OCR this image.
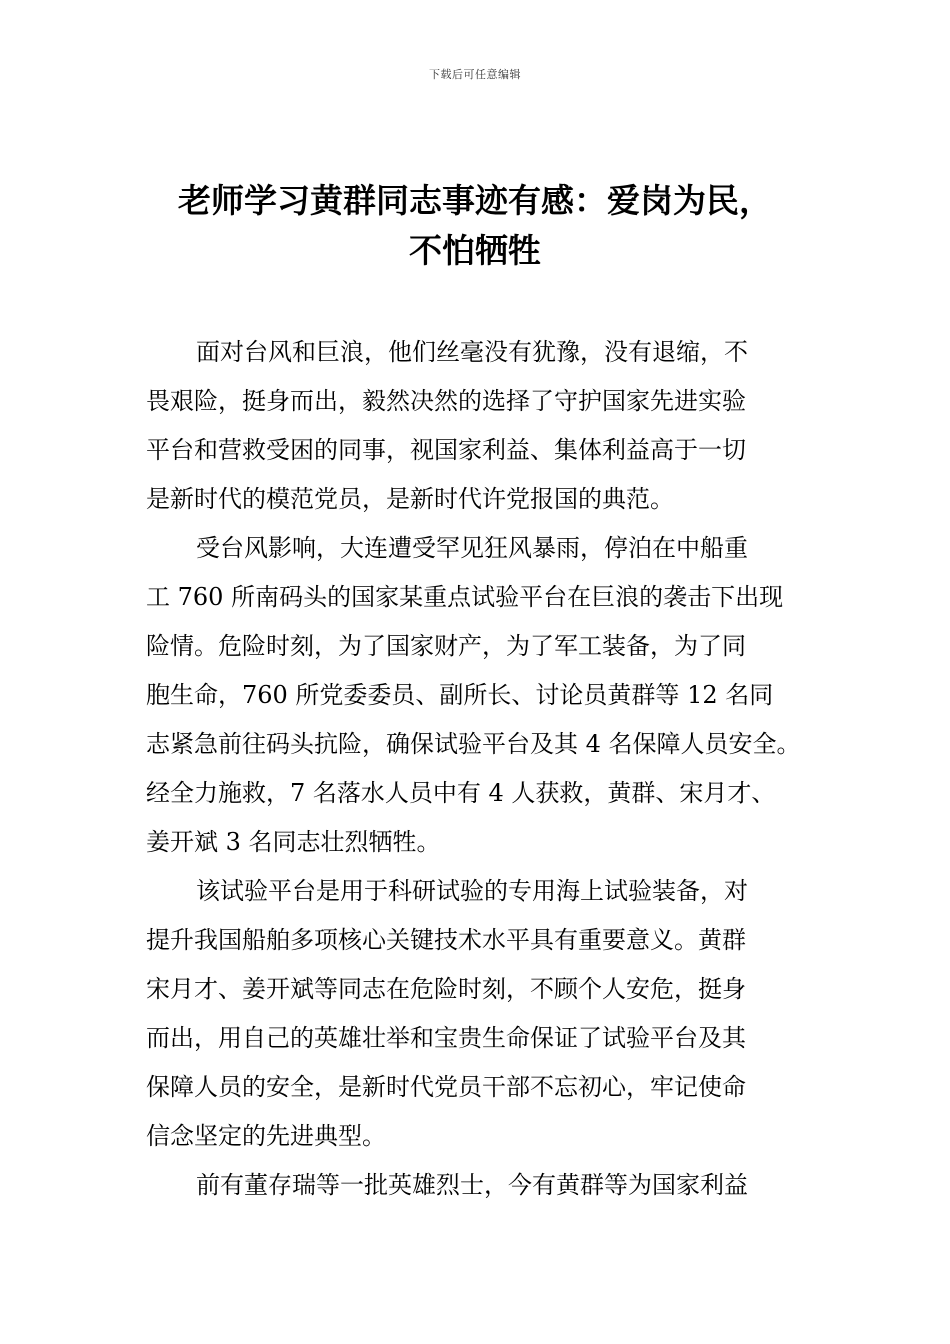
下载后可任意编辑
老师学习黄群同志事迹有感：爱岗为民，
不怕牺牲

面对台风和巨浪，他们丝毫没有犹豫，没有退缩，不
畏艰险，挺身而出，毅然决然的选择了守护国家先进实验
平台和营救受困的同事，视国家利益、集体利益高于一切
是新时代的模范党员，是新时代许党报国的典范。

受台风影响，大连遭受罕见狂风暴雨，停泊在中船重
工 760 所南码头的国家某重点试验平台在巨浪的袭击下出现
险情。危险时刻，为了国家财产，为了军工装备，为了同
胞生命，760 所党委委员、副所长、讨论员黄群等 12 名同
志紧急前往码头抗险，确保试验平台及其 4 名保障人员安全。
经全力施救，7 名落水人员中有 4 人获救，黄群、宋月才、
姜开斌 3 名同志壮烈牺牲。

该试验平台是用于科研试验的专用海上试验装备，对
提升我国船舶多项核心关键技术水平具有重要意义。黄群
宋月才、姜开斌等同志在危险时刻，不顾个人安危，挺身
而出，用自己的英雄壮举和宝贵生命保证了试验平台及其
保障人员的安全，是新时代党员干部不忘初心，牢记使命
信念坚定的先进典型。

前有董存瑞等一批英雄烈士，今有黄群等为国家利益
